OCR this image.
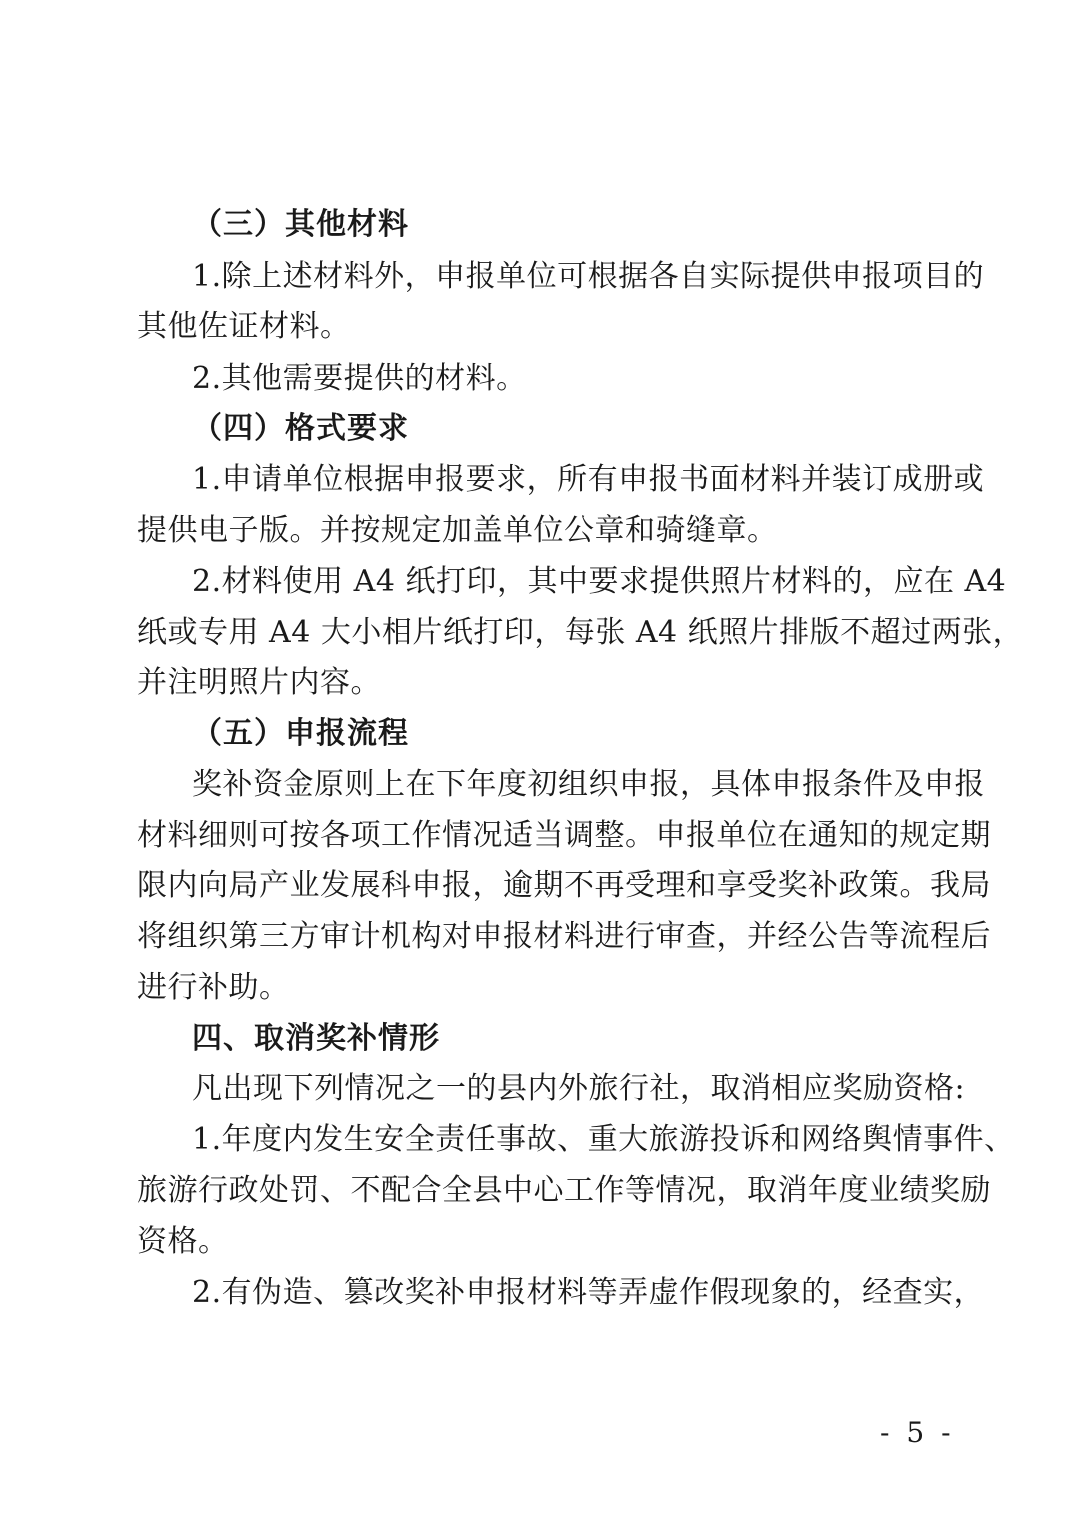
（三）其他材料
1.除上述材料外，申报单位可根据各自实际提供申报项目的
其他佐证材料。
2.其他需要提供的材料。
（四）格式要求
1.申请单位根据申报要求，所有申报书面材料并装订成册或
提供电子版。并按规定加盖单位公章和骑缝章。
2.材料使用 A4 纸打印，其中要求提供照片材料的，应在 A4
纸或专用 A4 大小相片纸打印，每张 A4 纸照片排版不超过两张，
并注明照片内容。
（五）申报流程
奖补资金原则上在下年度初组织申报，具体申报条件及申报
材料细则可按各项工作情况适当调整。申报单位在通知的规定期
限内向局产业发展科申报，逾期不再受理和享受奖补政策。我局
将组织第三方审计机构对申报材料进行审查，并经公告等流程后
进行补助。
四、取消奖补情形
凡出现下列情况之一的县内外旅行社，取消相应奖励资格:
1.年度内发生安全责任事故、重大旅游投诉和网络舆情事件、
旅游行政处罚、不配合全县中心工作等情况，取消年度业绩奖励
资格。
2.有伪造、篡改奖补申报材料等弄虚作假现象的，经查实，
- 5 -
